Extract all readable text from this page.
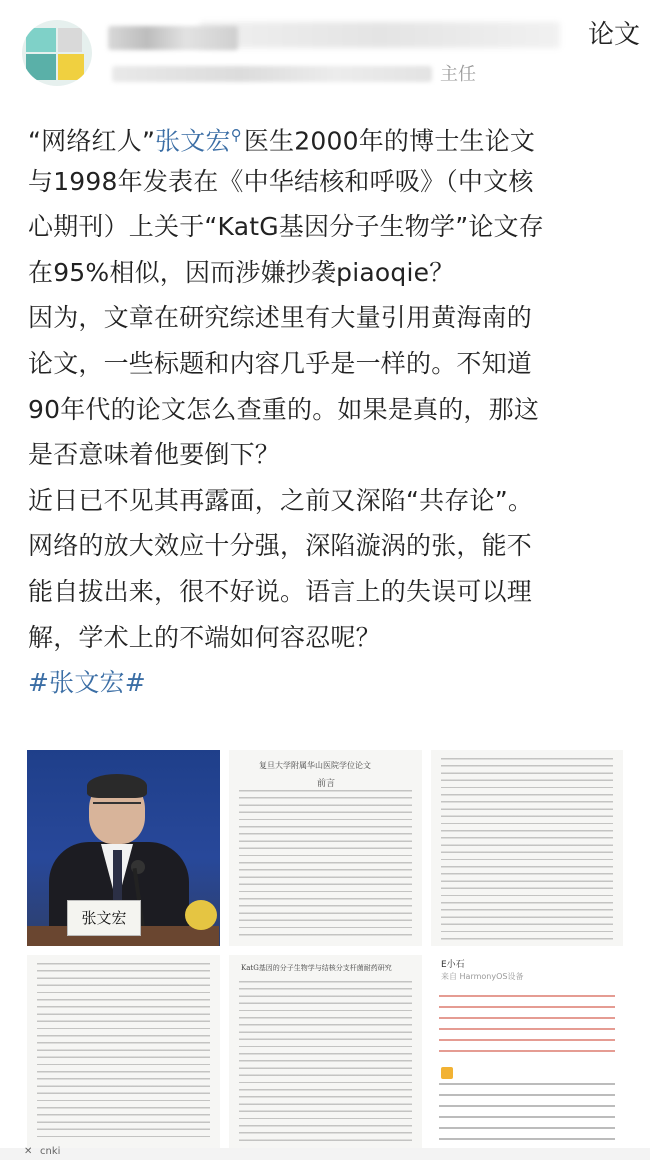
论文
主任
“网络红人”张文宏⚲医生2000年的博士生论文
与1998年发表在《中华结核和呼吸》（中文核
心期刊）上关于“KatG基因分子生物学”论文存
在95%相似，因而涉嫌抄袭piaoqie？
因为，文章在研究综述里有大量引用黄海南的
论文，一些标题和内容几乎是一样的。不知道
90年代的论文怎么查重的。如果是真的，那这
是否意味着他要倒下？
近日已不见其再露面，之前又深陷“共存论”。
网络的放大效应十分强，深陷漩涡的张，能不
能自拔出来，很不好说。语言上的失误可以理
解，学术上的不端如何容忍呢？
#张文宏#
张文宏
复旦大学附属华山医院学位论文
前言
KatG基因的分子生物学与结核分支杆菌耐药研究	E小石
来自 HarmonyOS设备
✕ cnki
